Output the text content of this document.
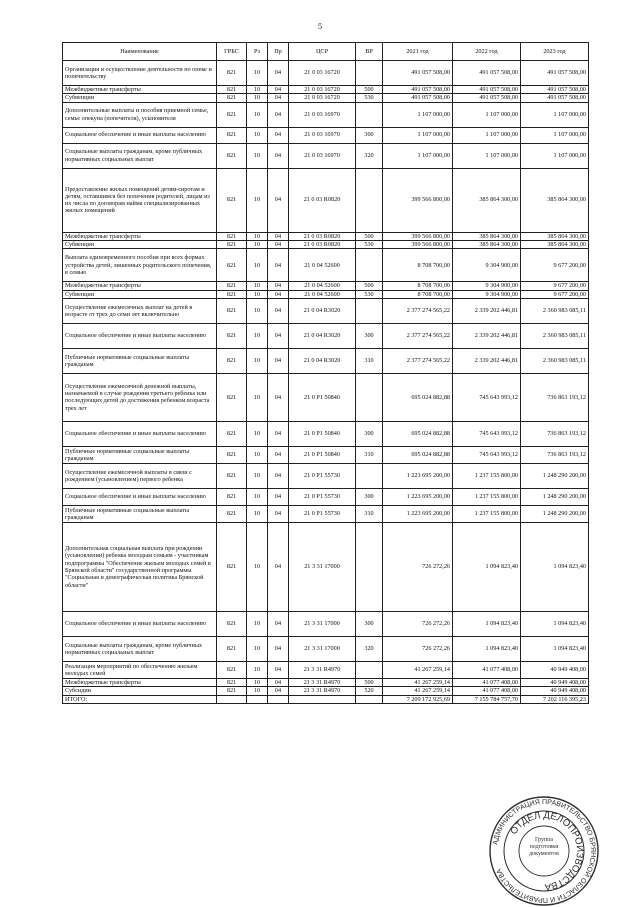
5
Наименование	ГРБС	Рз	Пр	ЦСР	ВР	2021 год	2022 год	2023 год
Организация и осуществление деятельности по опеке и попечительству	821	10	04	21 0 03 16720		491 057 508,00	491 057 508,00	491 057 508,00
Межбюджетные трансферты	821	10	04	21 0 03 16720	500	491 057 508,00	491 057 508,00	491 057 508,00
Субвенции	821	10	04	21 0 03 16720	530	491 057 508,00	491 057 508,00	491 057 508,00
Дополнительные выплаты и пособия приемной семье, семье опекуна (попечителя), усыновителя	821	10	04	21 0 03 16970		1 107 000,00	1 107 000,00	1 107 000,00
Социальное обеспечение и иные выплаты населению	821	10	04	21 0 03 16970	300	1 107 000,00	1 107 000,00	1 107 000,00
Социальные выплаты гражданам, кроме публичных нормативных социальных выплат	821	10	04	21 0 03 16970	320	1 107 000,00	1 107 000,00	1 107 000,00
Предоставление жилых помещений детям-сиротам и детям, оставшимся без попечения родителей, лицам из их числа по договорам найма специализированных жилых помещений	821	10	04	21 0 03 R0820		399 566 800,00	385 864 300,00	385 864 300,00
Межбюджетные трансферты	821	10	04	21 0 03 R0820	500	399 566 800,00	385 864 300,00	385 864 300,00
Субвенции	821	10	04	21 0 03 R0820	530	399 566 800,00	385 864 300,00	385 864 300,00
Выплата единовременного пособия при всех формах устройства детей, лишенных родительского попечения, в семью	821	10	04	21 0 04 52600		8 708 700,00	9 304 900,00	9 677 200,00
Межбюджетные трансферты	821	10	04	21 0 04 52600	500	8 708 700,00	9 304 900,00	9 677 200,00
Субвенции	821	10	04	21 0 04 52600	530	8 708 700,00	9 304 900,00	9 677 200,00
Осуществление ежемесячных выплат на детей в возрасте от трех до семи лет включительно	821	10	04	21 0 04 R3020		2 377 274 565,22	2 339 202 446,81	2 360 983 085,11
Социальное обеспечение и иные выплаты населению	821	10	04	21 0 04 R3020	300	2 377 274 565,22	2 339 202 446,81	2 360 983 085,11
Публичные нормативные социальные выплаты гражданам	821	10	04	21 0 04 R3020	310	2 377 274 565,22	2 339 202 446,81	2 360 983 085,11
Осуществление ежемесячной денежной выплаты, назначаемой в случае рождения третьего ребенка или последующих детей до достижения ребенком возраста трех лет	821	10	04	21 0 P1 50840		695 024 882,88	745 643 993,12	736 863 193,12
Социальное обеспечение и иные выплаты населению	821	10	04	21 0 P1 50840	300	695 024 882,88	745 643 993,12	736 863 193,12
Публичные нормативные социальные выплаты гражданам	821	10	04	21 0 P1 50840	310	695 024 882,88	745 643 993,12	736 863 193,12
Осуществление ежемесячной выплаты в связи с рождением (усыновлением) первого ребенка	821	10	04	21 0 P1 55730		1 223 695 200,00	1 237 155 800,00	1 248 290 200,00
Социальное обеспечение и иные выплаты населению	821	10	04	21 0 P1 55730	300	1 223 695 200,00	1 237 155 800,00	1 248 290 200,00
Публичные нормативные социальные выплаты гражданам	821	10	04	21 0 P1 55730	310	1 223 695 200,00	1 237 155 800,00	1 248 290 200,00
Дополнительная социальная выплата при рождении (усыновлении) ребенка молодым семьям - участникам подпрограммы "Обеспечение жильем молодых семей в Брянской области" государственной программы "Социальная и демографическая политика Брянской области"	821	10	04	21 3 31 17000		726 272,26	1 094 823,40	1 094 823,40
Социальное обеспечение и иные выплаты населению	821	10	04	21 3 31 17000	300	726 272,26	1 094 823,40	1 094 823,40
Социальные выплаты гражданам, кроме публичных нормативных социальных выплат	821	10	04	21 3 31 17000	320	726 272,26	1 094 823,40	1 094 823,40
Реализация мероприятий по обеспечению жильем молодых семей	821	10	04	21 3 31 R4970		41 267 259,14	41 077 408,00	40 949 408,00
Межбюджетные трансферты	821	10	04	21 3 31 R4970	500	41 267 259,14	41 077 408,00	40 949 408,00
Субсидии	821	10	04	21 3 31 R4970	520	41 267 259,14	41 077 408,00	40 949 408,00
ИТОГО:						7 209 172 925,69	7 155 784 757,70	7 202 116 395,23
АДМИНИСТРАЦИЯ ПРАВИТЕЛЬСТВО БРЯНСКОЙ ОБЛАСТИ И ПРАВИТЕЛЬСТВА
ОТДЕЛ ДЕЛОПРОИЗВОДСТВА
Группа подготовки документов
